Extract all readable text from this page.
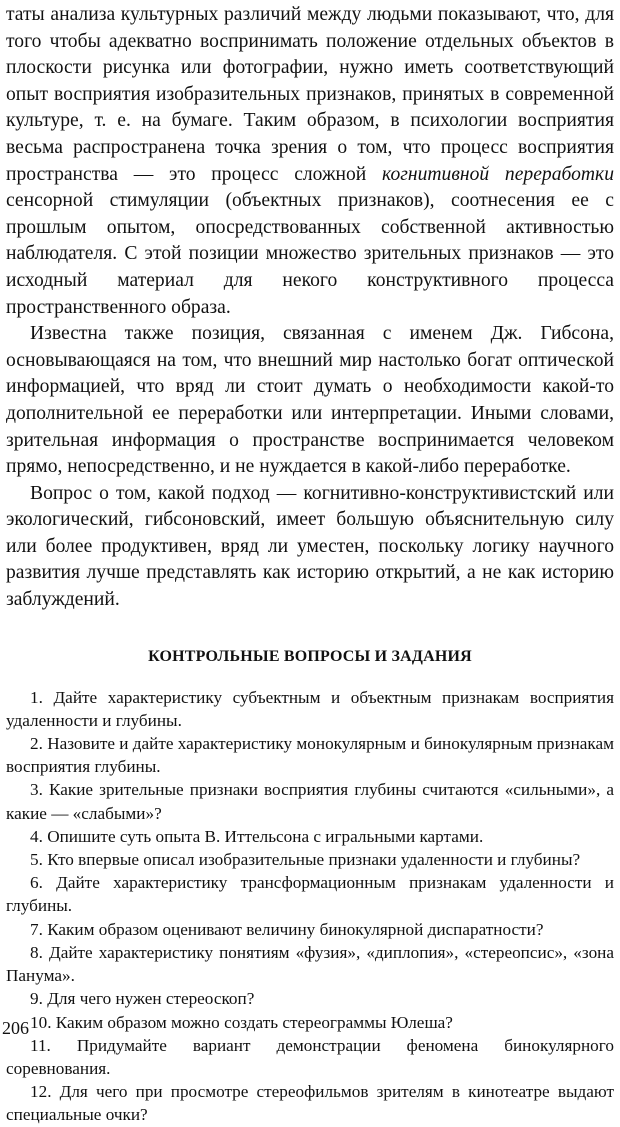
таты анализа культурных различий между людьми показывают, что, для того чтобы адекватно воспринимать положение отдельных объектов в плоскости рисунка или фотографии, нужно иметь соответствующий опыт восприятия изобразительных признаков, принятых в современной культуре, т. е. на бумаге. Таким образом, в психологии восприятия весьма распространена точка зрения о том, что процесс восприятия пространства — это процесс сложной когнитивной переработки сенсорной стимуляции (объектных признаков), соотнесения ее с прошлым опытом, опосредствованных собственной активностью наблюдателя. С этой позиции множество зрительных признаков — это исходный материал для некого конструктивного процесса пространственного образа.

Известна также позиция, связанная с именем Дж. Гибсона, основывающаяся на том, что внешний мир настолько богат оптической информацией, что вряд ли стоит думать о необходимости какой-то дополнительной ее переработки или интерпретации. Иными словами, зрительная информация о пространстве воспринимается человеком прямо, непосредственно, и не нуждается в какой-либо переработке.

Вопрос о том, какой подход — когнитивно-конструктивистский или экологический, гибсоновский, имеет большую объяснительную силу или более продуктивен, вряд ли уместен, поскольку логику научного развития лучше представлять как историю открытий, а не как историю заблуждений.

КОНТРОЛЬНЫЕ ВОПРОСЫ И ЗАДАНИЯ

1. Дайте характеристику субъектным и объектным признакам восприятия удаленности и глубины.

2. Назовите и дайте характеристику монокулярным и бинокулярным признакам восприятия глубины.

3. Какие зрительные признаки восприятия глубины считаются «сильными», а какие — «слабыми»?

4. Опишите суть опыта В. Иттельсона с игральными картами.

5. Кто впервые описал изобразительные признаки удаленности и глубины?

6. Дайте характеристику трансформационным признакам удаленности и глубины.

7. Каким образом оценивают величину бинокулярной диспаратности?

8. Дайте характеристику понятиям «фузия», «диплопия», «стереопсис», «зона Панума».

9. Для чего нужен стереоскоп?

10. Каким образом можно создать стереограммы Юлеша?

11. Придумайте вариант демонстрации феномена бинокулярного соревнования.

12. Для чего при просмотре стереофильмов зрителям в кинотеатре выдают специальные очки?

206
